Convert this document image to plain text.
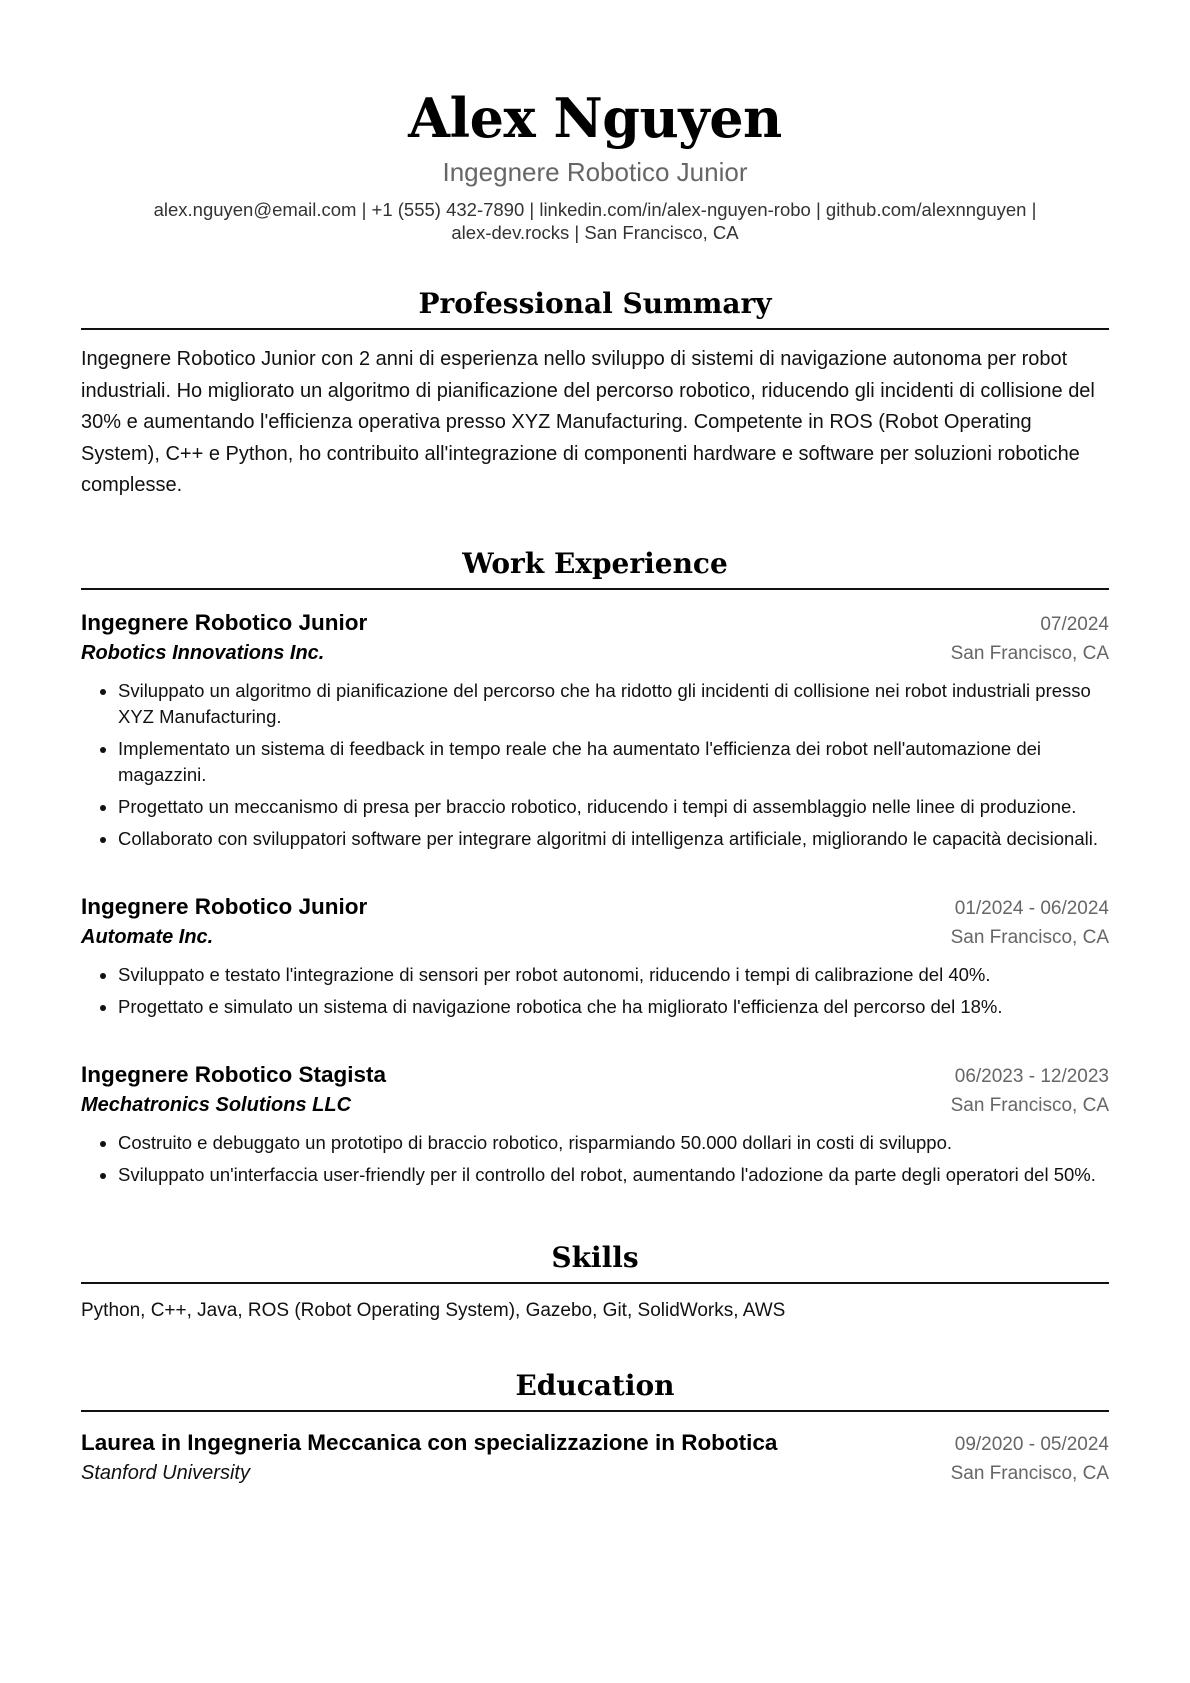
Alex Nguyen
Ingegnere Robotico Junior
alex.nguyen@email.com | +1 (555) 432-7890 | linkedin.com/in/alex-nguyen-robo | github.com/alexnnguyen |
alex-dev.rocks | San Francisco, CA
Professional Summary

Ingegnere Robotico Junior con 2 anni di esperienza nello sviluppo di sistemi di navigazione autonoma per robot industriali. Ho migliorato un algoritmo di pianificazione del percorso robotico, riducendo gli incidenti di collisione del 30% e aumentando l'efficienza operativa presso XYZ Manufacturing. Competente in ROS (Robot Operating System), C++ e Python, ho contribuito all'integrazione di componenti hardware e software per soluzioni robotiche complesse.

Work Experience
Ingegnere Robotico Junior	07/2024
Robotics Innovations Inc.	San Francisco, CA
• Sviluppato un algoritmo di pianificazione del percorso che ha ridotto gli incidenti di collisione nei robot industriali presso XYZ Manufacturing.
• Implementato un sistema di feedback in tempo reale che ha aumentato l'efficienza dei robot nell'automazione dei magazzini.
• Progettato un meccanismo di presa per braccio robotico, riducendo i tempi di assemblaggio nelle linee di produzione.
• Collaborato con sviluppatori software per integrare algoritmi di intelligenza artificiale, migliorando le capacità decisionali.
Ingegnere Robotico Junior	01/2024 - 06/2024
Automate Inc.	San Francisco, CA
• Sviluppato e testato l'integrazione di sensori per robot autonomi, riducendo i tempi di calibrazione del 40%.
• Progettato e simulato un sistema di navigazione robotica che ha migliorato l'efficienza del percorso del 18%.
Ingegnere Robotico Stagista	06/2023 - 12/2023
Mechatronics Solutions LLC	San Francisco, CA
• Costruito e debuggato un prototipo di braccio robotico, risparmiando 50.000 dollari in costi di sviluppo.
• Sviluppato un'interfaccia user-friendly per il controllo del robot, aumentando l'adozione da parte degli operatori del 50%.
Skills
Python, C++, Java, ROS (Robot Operating System), Gazebo, Git, SolidWorks, AWS
Education
Laurea in Ingegneria Meccanica con specializzazione in Robotica	09/2020 - 05/2024
Stanford University	San Francisco, CA
